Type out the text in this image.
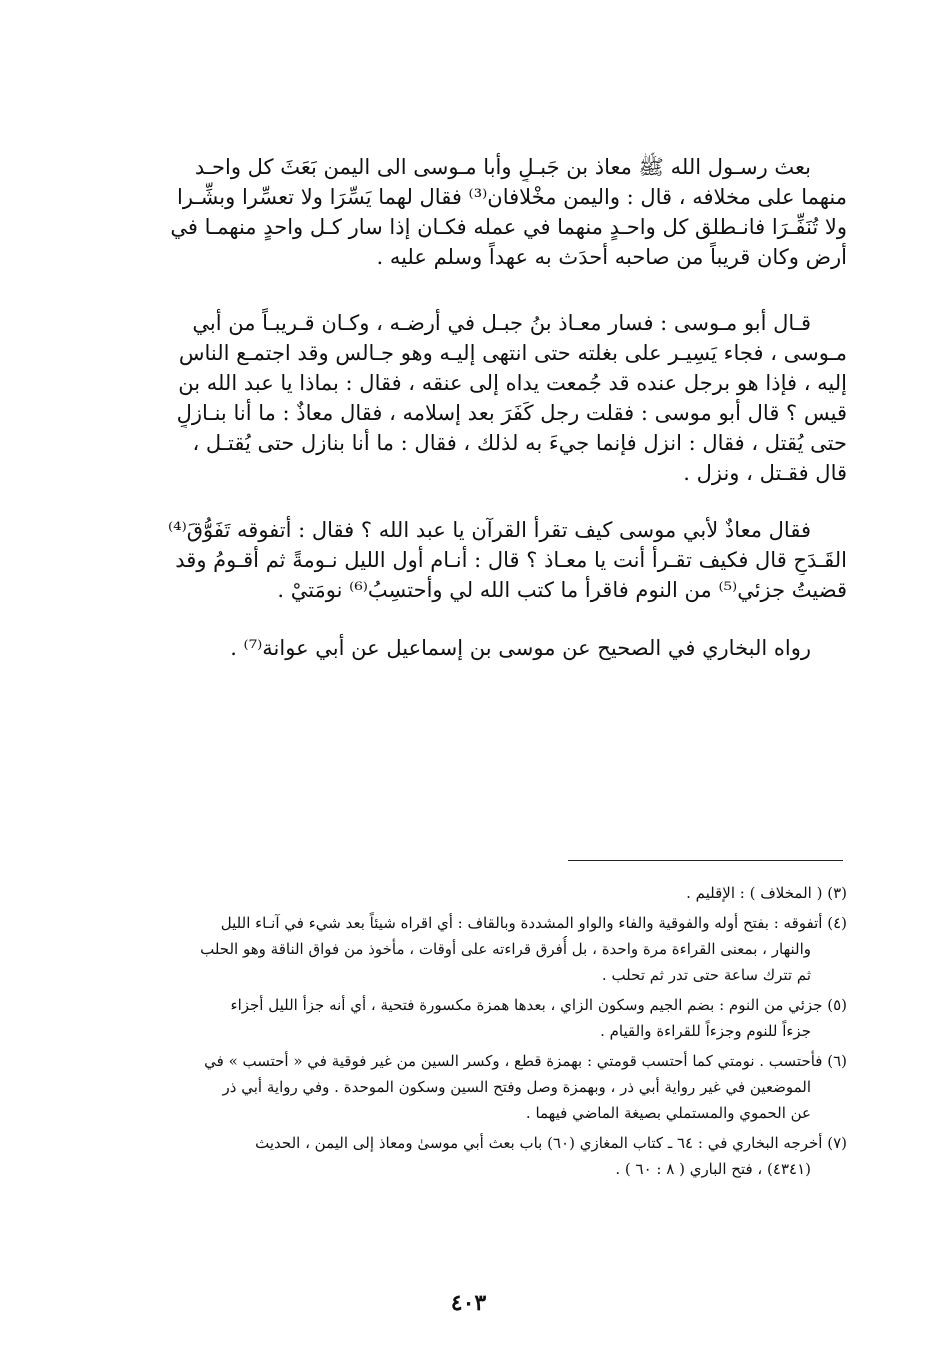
بعث رسـول الله ﷺ معاذ بن جَبـلٍ وأبا مـوسى الى اليمن بَعَثَ كل واحـد
منهما على مخلافه ، قال : واليمن مخْلافان⁽³⁾ فقال لهما يَسِّرَا ولا تعسِّرا وبشِّـرا
ولا تُنَفِّـرَا فانـطلق كل واحـدٍ منهما في عمله فكـان إذا سار كـل واحدٍ منهمـا في
أرض وكان قريباً من صاحبه أحدَث به عهداً وسلم عليه .
قـال أبو مـوسى : فسار معـاذ بنُ جبـل في أرضـه ، وكـان قـريبـاً من أبي
مـوسى ، فجاء يَسِيـر على بغلته حتى انتهى إليـه وهو جـالس وقد اجتمـع الناس
إليه ، فإذا هو برجل عنده قد جُمعت يداه إلى عنقه ، فقال : بماذا يا عبد الله بن
قيس ؟ قال أبو موسى : فقلت رجل كَفَرَ بعد إسلامه ، فقال معاذٌ : ما أنا بنـازلٍ
حتى يُقتل ، فقال : انزل فإنما جيءَ به لذلك ، فقال : ما أنا بنازل حتى يُقتـل ،
قال فقـتل ، ونزل .
فقال معاذٌ لأبي موسى كيف تقرأ القرآن يا عبد الله ؟ فقال : أتفوقه تَفَوُّقَ⁽⁴⁾
القَـدَحِ قال فكيف تقـرأ أنت يا معـاذ ؟ قال : أنـام أول الليل نـومةً ثم أقـومُ وقد
قضيتُ جزئي⁽⁵⁾ من النوم فاقرأ ما كتب الله لي وأحتسِبُ⁽⁶⁾ نومَتيْ .
رواه البخاري في الصحيح عن موسى بن إسماعيل عن أبي عوانة⁽⁷⁾ .
(٣) ( المخلاف ) : الإقليم .
(٤) أتفوقه : بفتح أوله والفوقية والفاء والواو المشددة وبالقاف : أي اقراه شيئاً بعد شيء في آنـاء الليل
والنهار ، بمعنى القراءة مرة واحدة ، بل أُفرق قراءته على أوقات ، مأخوذ من فواق الناقة وهو الحلب
ثم تترك ساعة حتى تدر ثم تحلب .
(٥) جزئي من النوم : بضم الجيم وسكون الزاي ، بعدها همزة مكسورة فتحية ، أي أنه جزأ الليل أجزاء
جزءاً للنوم وجزءاً للقراءة والقيام .
(٦) فأحتسب . نومتي كما أحتسب قومتي : بهمزة قطع ، وكسر السين من غير فوقية في « أحتسب » في
الموضعين في غير رواية أبي ذر ، وبهمزة وصل وفتح السين وسكون الموحدة . وفي رواية أبي ذر
عن الحموي والمستملي بصيغة الماضي فيهما .
(٧) أخرجه البخاري في : ٦٤ ـ كتاب المغازي (٦٠) باب بعث أبي موسىٰ ومعاذ إلى اليمن ، الحديث
(٤٣٤١) ، فتح الباري ( ٨ : ٦٠ ) .
٤٠٣
